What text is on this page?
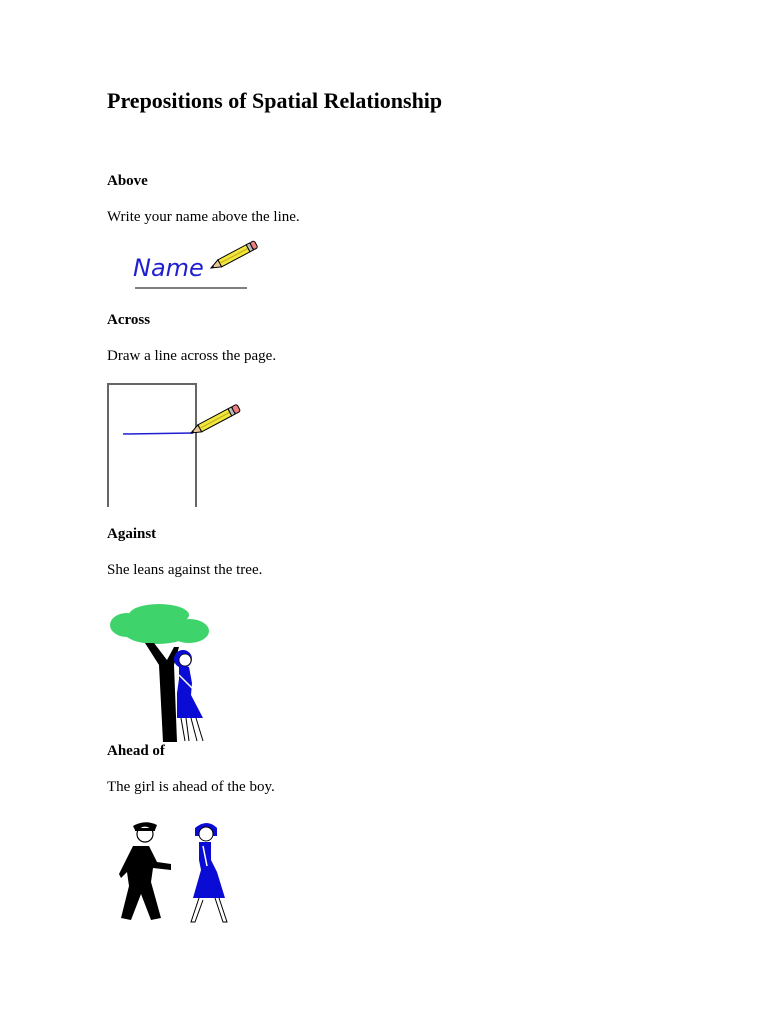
Prepositions of Spatial Relationship
Above

Write your name above the line.

Name
Across

Draw a line across the page.

Against

She leans against the tree.

Ahead of

The girl is ahead of the boy.
